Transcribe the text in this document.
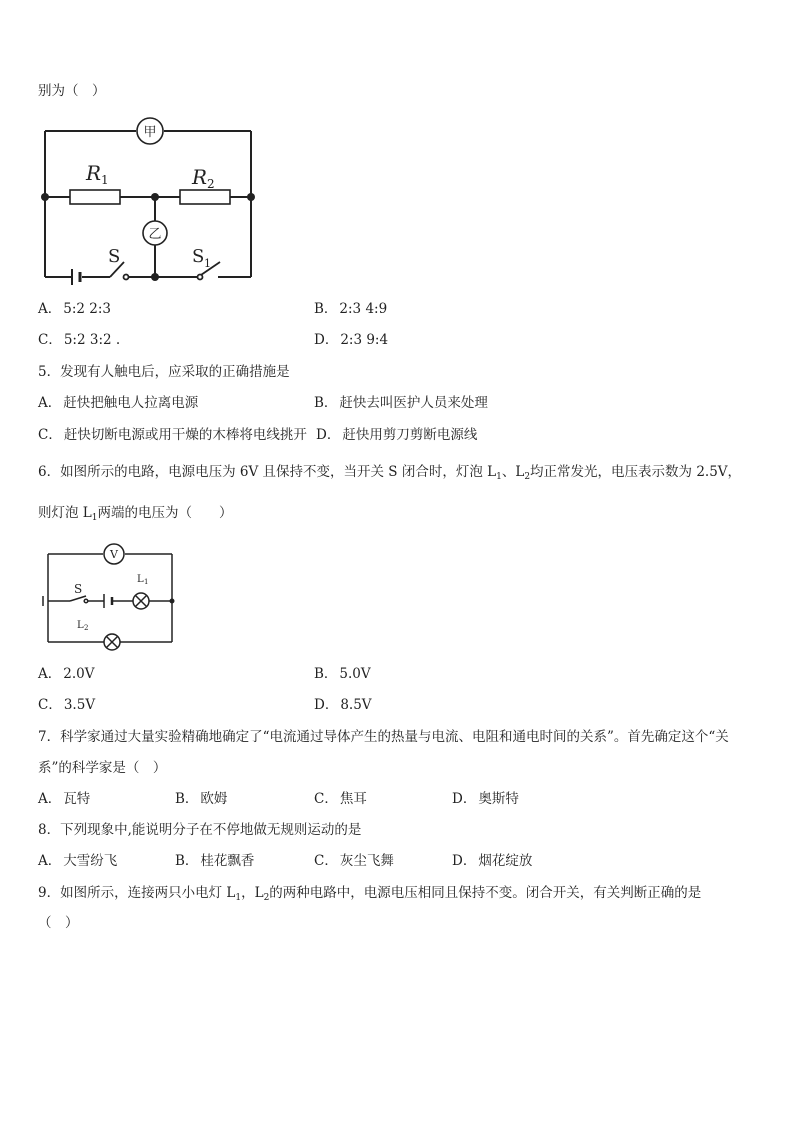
别为（　）
甲
乙
R 1	R 2
S	S 1
A． 5:2 2:3	B． 2:3 4:9
C． 5:2 3:2 .	D． 2:3 9:4
5．发现有人触电后，应采取的正确措施是
A． 赶快把触电人拉离电源	B． 赶快去叫医护人员来处理
C． 赶快切断电源或用干燥的木棒将电线挑开 D． 赶快用剪刀剪断电源线
6．如图所示的电路，电源电压为 6V 且保持不变，当开关 S 闭合时，灯泡 $L_1$、$L_2$均正常发光，电压表示数为 2.5V，
则灯泡 $L_1$两端的电压为（　　）
V
S
L 1
L 2
A． 2.0V	B． 5.0V
C． 3.5V	D． 8.5V
7．科学家通过大量实验精确地确定了“电流通过导体产生的热量与电流、电阻和通电时间的关系”。首先确定这个“关
系”的科学家是（　）
A． 瓦特	B． 欧姆	C． 焦耳	D． 奥斯特
8．下列现象中,能说明分子在不停地做无规则运动的是
A． 大雪纷飞	B． 桂花飘香	C． 灰尘飞舞	D． 烟花绽放
9．如图所示，连接两只小电灯 $L_1$，$L_2$的两种电路中，电源电压相同且保持不变。闭合开关，有关判断正确的是
（　）
